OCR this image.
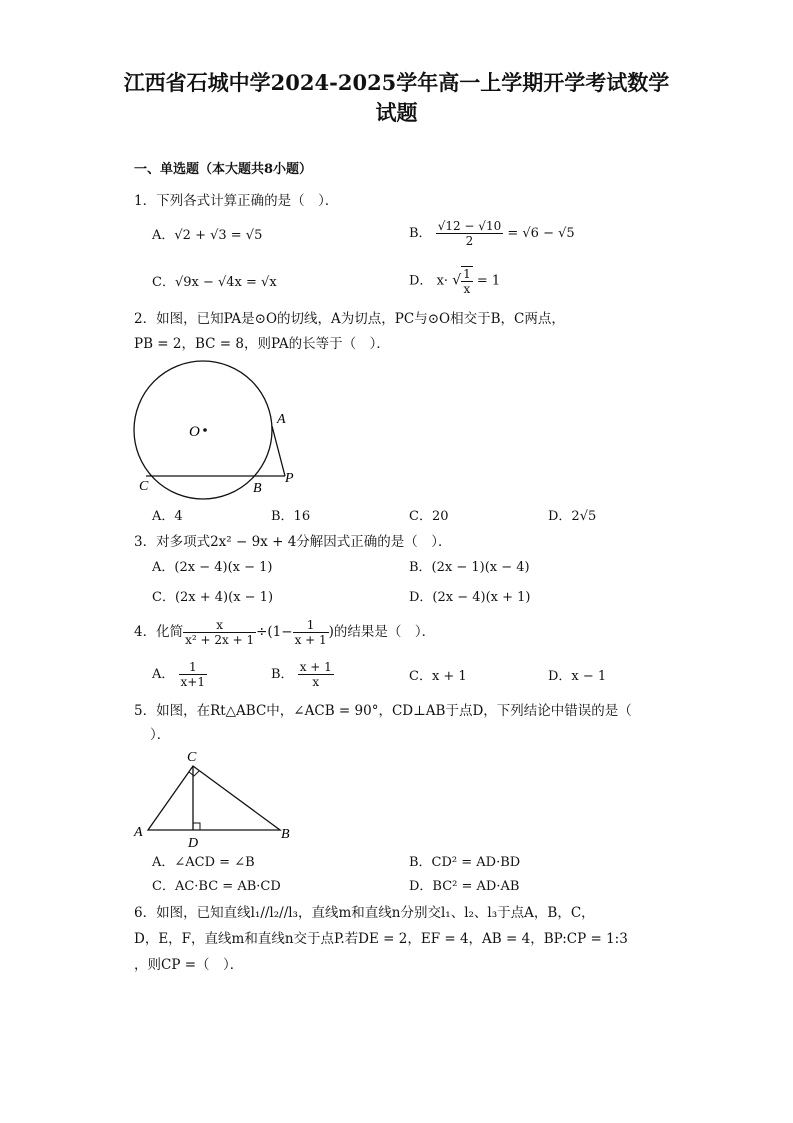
江西省石城中学2024-2025学年高一上学期开学考试数学
试题
一、单选题（本大题共8小题）
1．下列各式计算正确的是（　）．
A．√2 + √3 = √5	B． $\frac{√12 - √10}{2} = √6 - √5$
C．√9x − √4x = √x	D． x· √ $\frac{1}{x} = 1$
2．如图，已知PA是⊙O的切线，A为切点，PC与⊙O相交于B，C两点，
PB = 2，BC = 8，则PA的长等于（　）．
O
A
C	B
P
A．4	B．16	C．20	D．2√5
3．对多项式2x² − 9x + 4分解因式正确的是（　）．
A．(2x − 4)(x − 1)	B．(2x − 1)(x − 4)
C．(2x + 4)(x − 1)	D．(2x − 4)(x + 1)
4．化简 $\frac{x}{\text{x² + 2x + 1}} \div(1- \frac{1}{x + 1}$ )的结果是（　）．
A． $\frac{1}{x+1}$	B． $\frac{x + 1}{x}$	C．x + 1	D．x − 1
5．如图，在Rt△ABC中，∠ACB = 90°，CD⊥AB于点D，下列结论中错误的是（
）．
C
A	B
D
A．∠ACD = ∠B	B．CD² = AD·BD
C．AC·BC = AB·CD	D．BC² = AD·AB
6．如图，已知直线l₁//l₂//l₃，直线m和直线n分别交l₁、l₂、l₃于点A，B，C，
D，E，F，直线m和直线n交于点P.若DE = 2，EF = 4，AB = 4，BP:CP = 1:3
，则CP =（　）．
